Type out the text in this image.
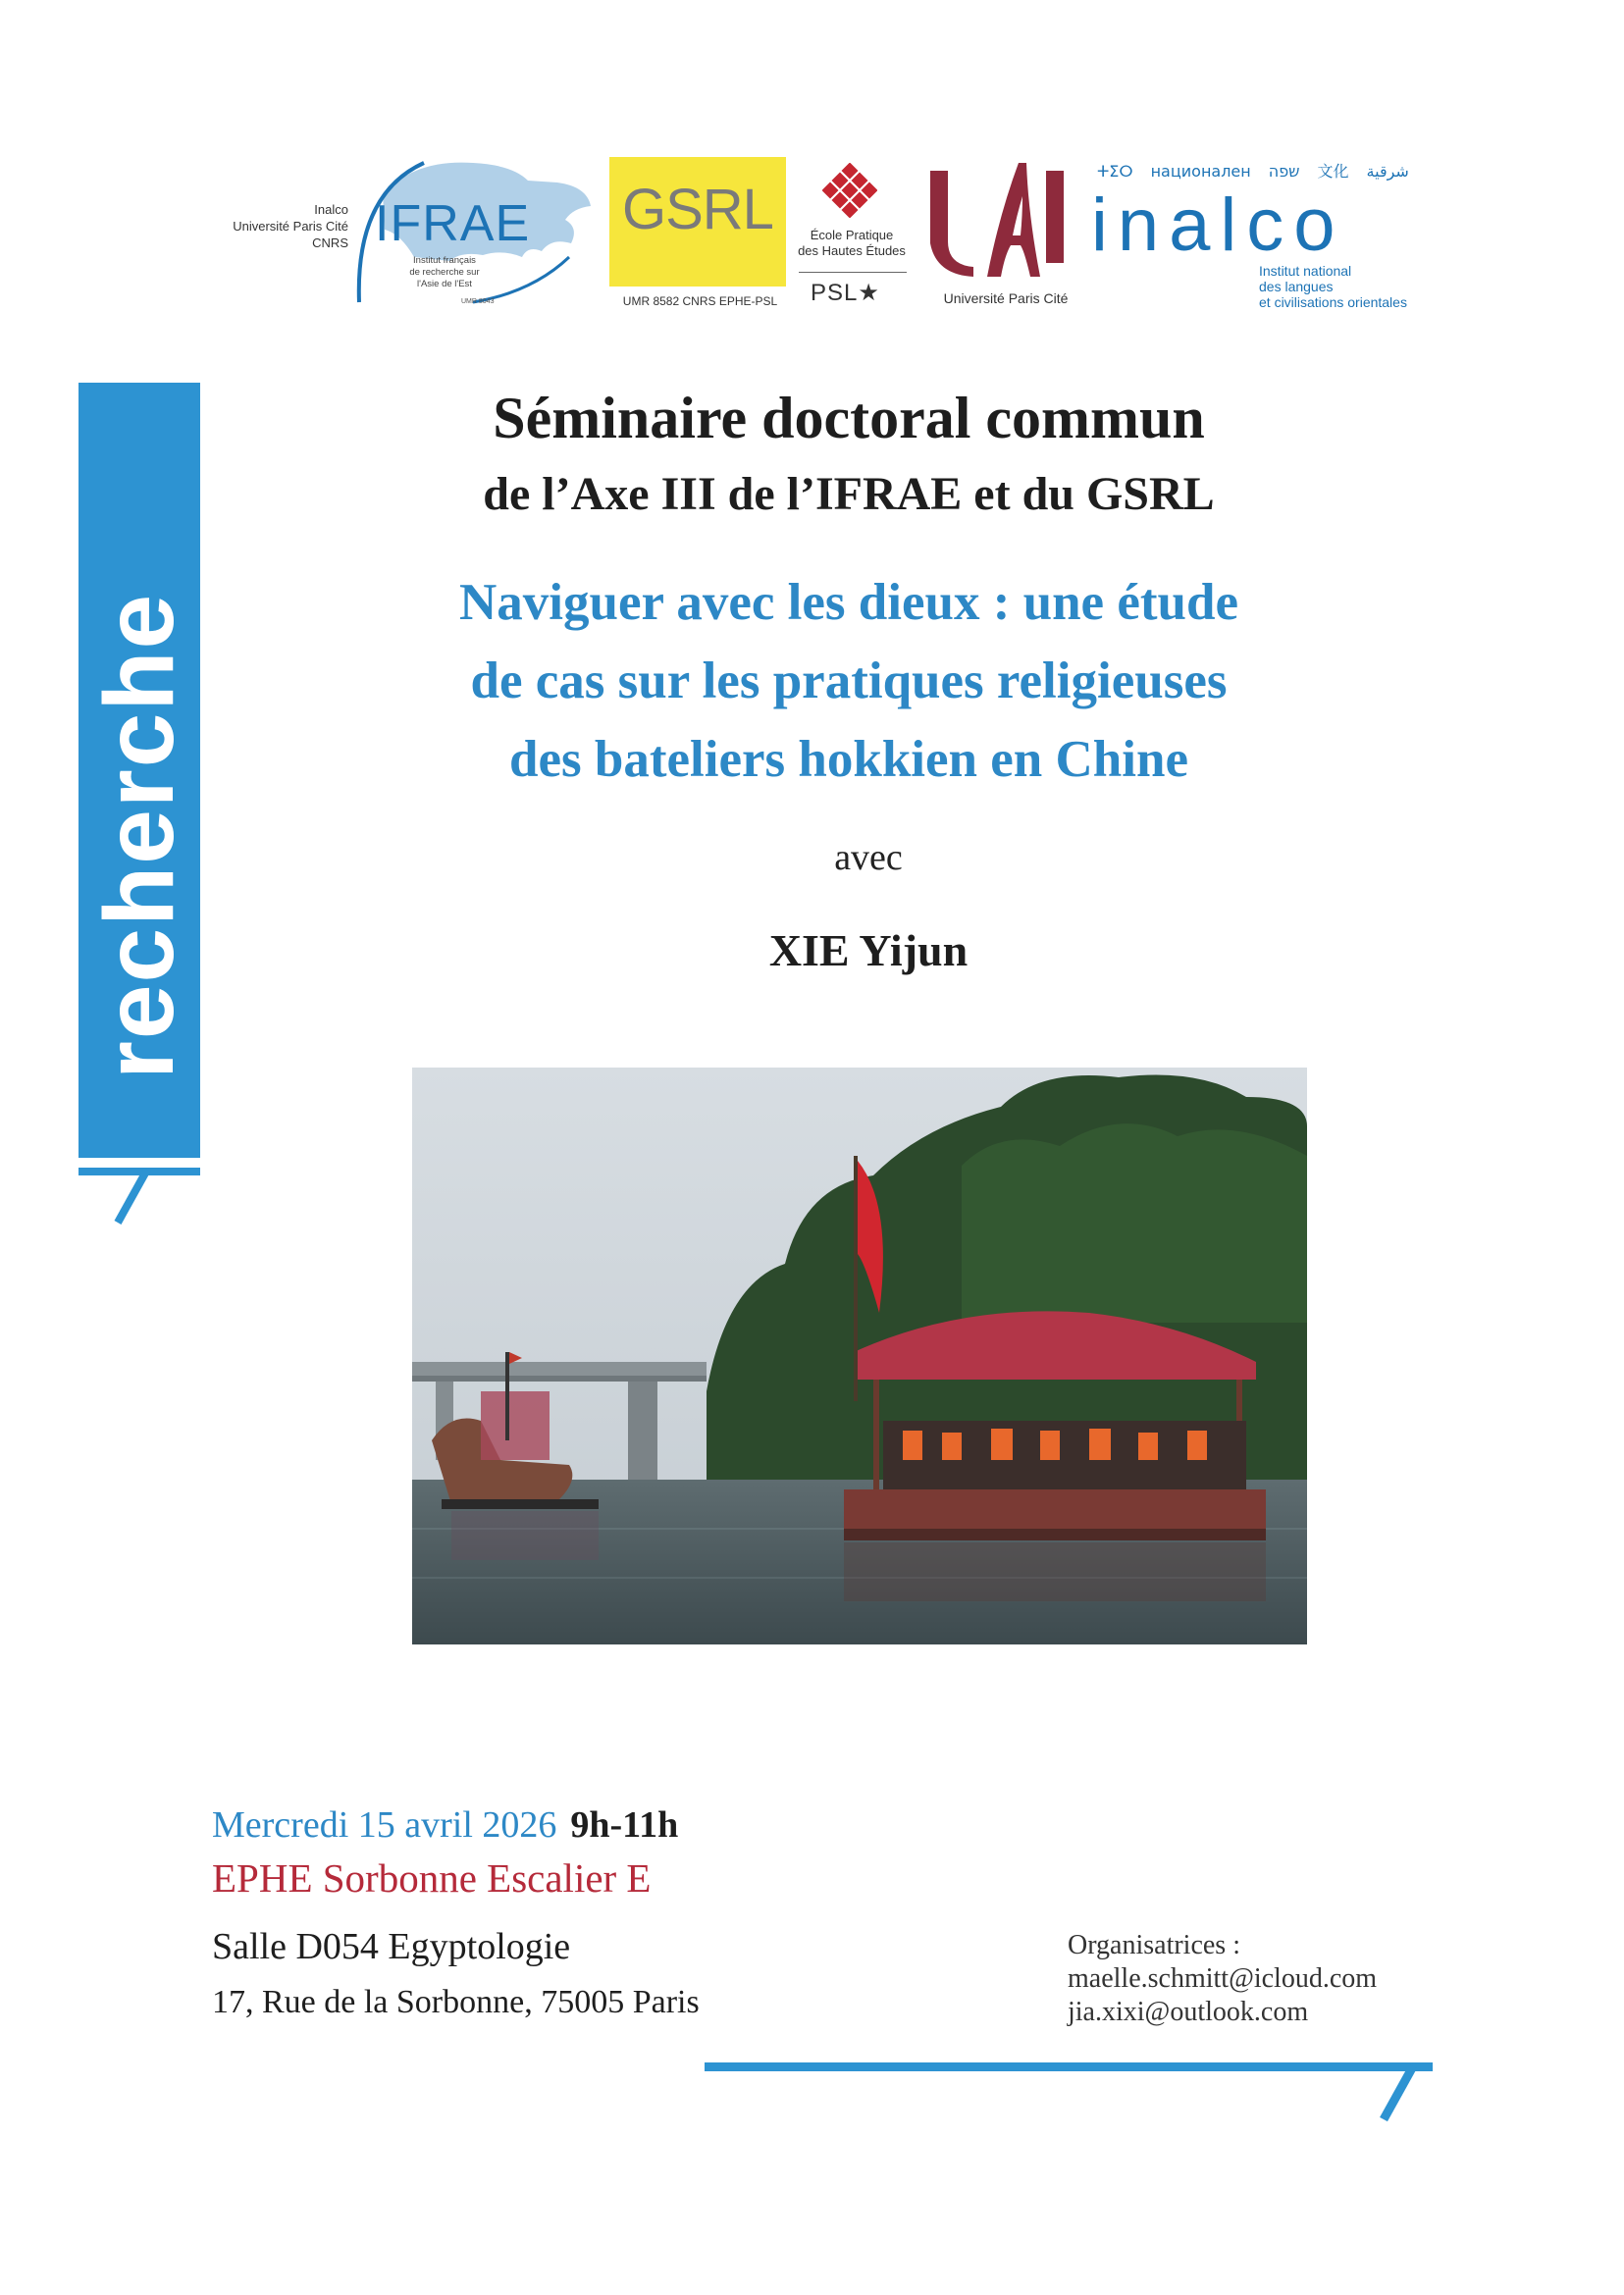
Inalco
Université Paris Cité
CNRS IFRAE
Institut français
de recherche sur
l'Asie de l'Est
UMR 8043
GSRL
UMR 8582 CNRS EPHE-PSL
École Pratique
des Hautes Études
PSL★	Université Paris Cité
ⵜⵉⵔ национален שפה 文化 شرقية
inalco
Institut national
des langues
et civilisations orientales
recherche
Séminaire doctoral commun
de l’Axe III de l’IFRAE et du GSRL
Naviguer avec les dieux : une étude
de cas sur les pratiques religieuses
des bateliers hokkien en Chine
avec
XIE Yijun
Mercredi 15 avril 2026 9h-11h
EPHE Sorbonne Escalier E
Salle D054 Egyptologie
17, Rue de la Sorbonne, 75005 Paris
Organisatrices :
maelle.schmitt@icloud.com
jia.xixi@outlook.com
